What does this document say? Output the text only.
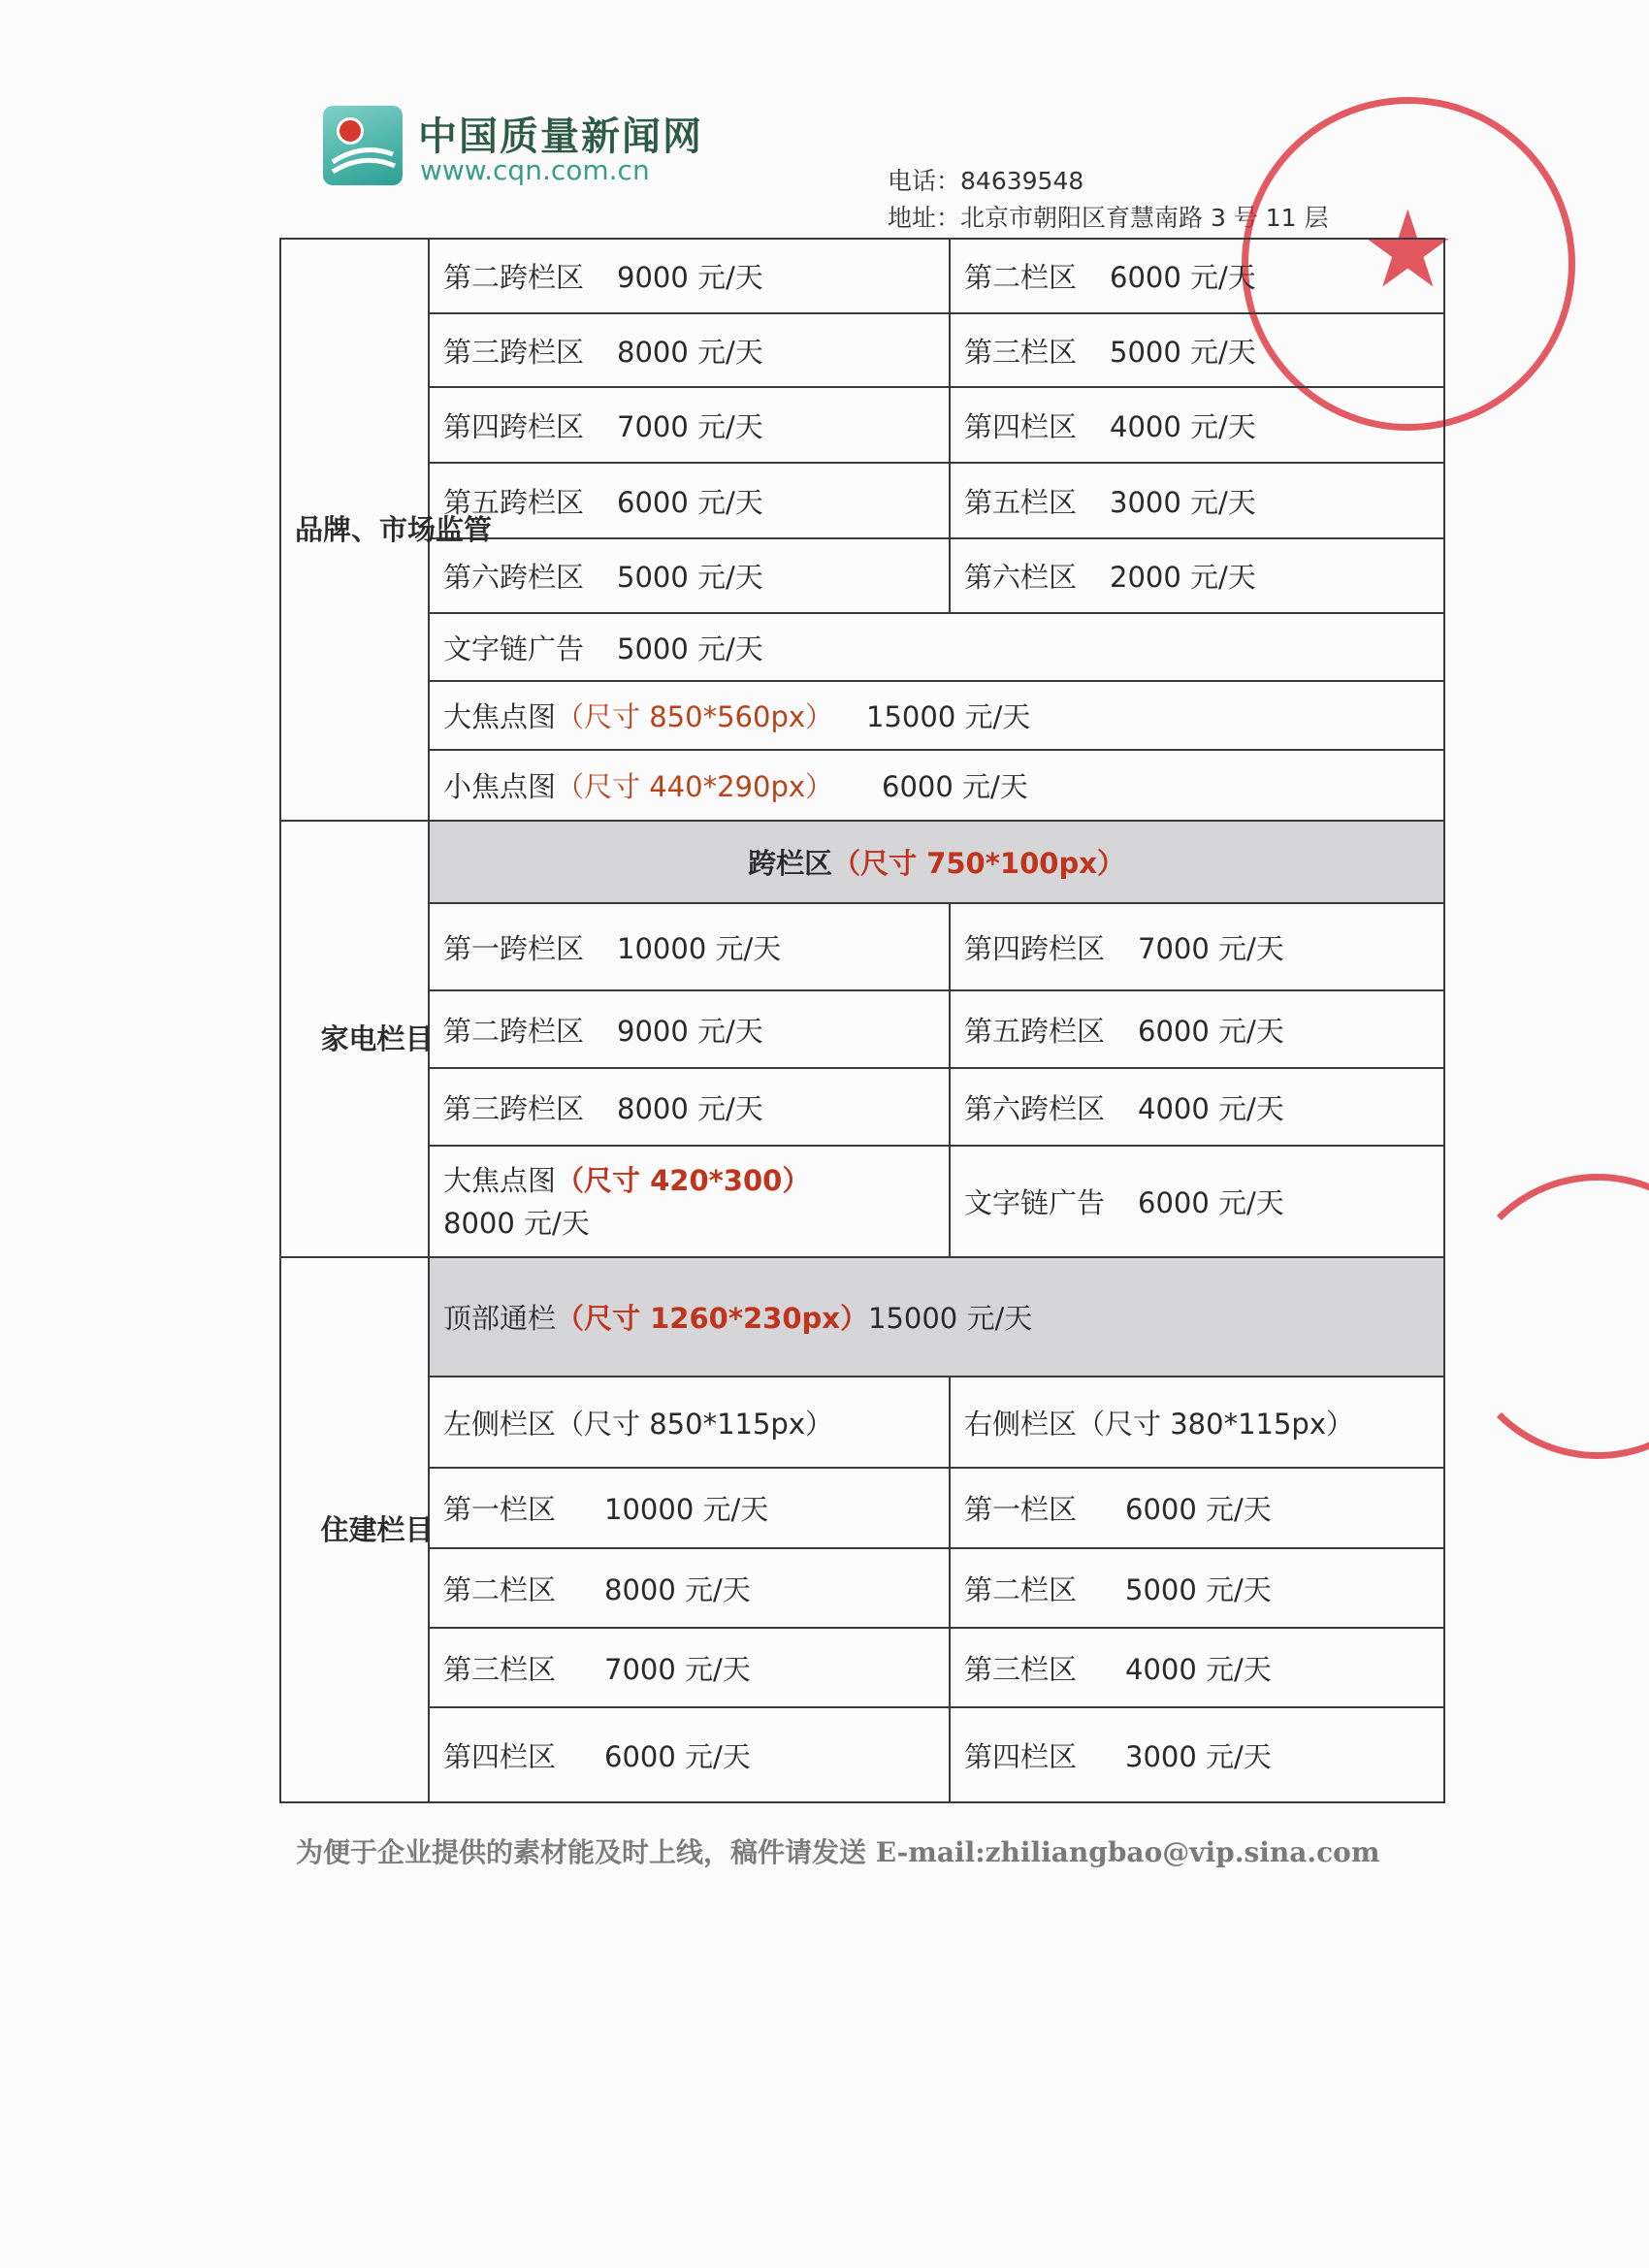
中国质量新闻网
www.cqn.com.cn	电话：84639548
地址：北京市朝阳区育慧南路 3 号 11 层 ★
品牌、市场监管	第二跨栏区 9000 元/天	第二栏区 6000 元/天
	第三跨栏区 8000 元/天	第三栏区 5000 元/天
	第四跨栏区 7000 元/天	第四栏区 4000 元/天
	第五跨栏区 6000 元/天	第五栏区 3000 元/天
	第六跨栏区 5000 元/天	第六栏区 2000 元/天
	文字链广告 5000 元/天	
	大焦点图（尺寸 850*560px） 15000 元/天	
	小焦点图（尺寸 440*290px） 6000 元/天	

家电栏目	跨栏区（尺寸 750*100px）	
	第一跨栏区 10000 元/天	第四跨栏区 7000 元/天
	第二跨栏区 9000 元/天	第五跨栏区 6000 元/天
	第三跨栏区 8000 元/天	第六跨栏区 4000 元/天

	大焦点图（尺寸 420*300）
8000 元/天	文字链广告 6000 元/天

住建栏目	顶部通栏（尺寸 1260*230px）15000 元/天	
	左侧栏区（尺寸 850*115px）	右侧栏区（尺寸 380*115px）
	第一栏区 10000 元/天	第一栏区 6000 元/天
	第二栏区 8000 元/天	第二栏区 5000 元/天
	第三栏区 7000 元/天	第三栏区 4000 元/天
	第四栏区 6000 元/天	第四栏区 3000 元/天
为便于企业提供的素材能及时上线，稿件请发送 E-mail:zhiliangbao@vip.sina.com
